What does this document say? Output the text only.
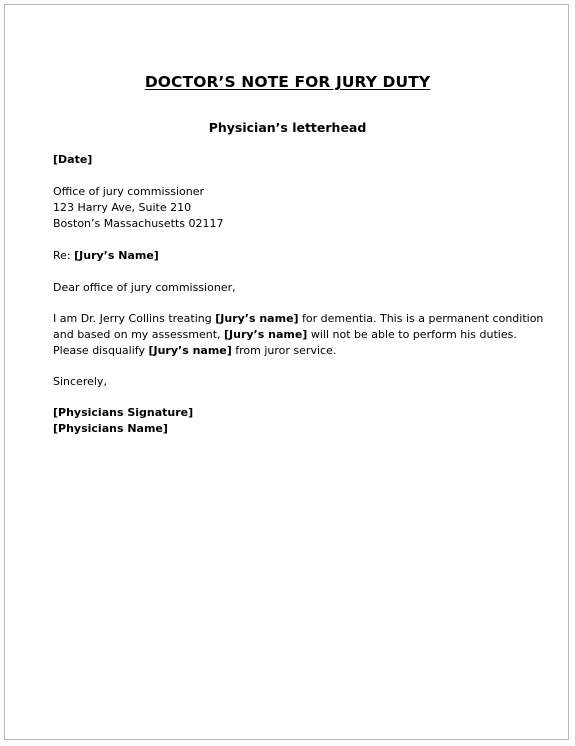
DOCTOR’S NOTE FOR JURY DUTY
Physician’s letterhead
[Date]
Office of jury commissioner
123 Harry Ave, Suite 210
Boston’s Massachusetts 02117
Re: [Jury’s Name]
Dear office of jury commissioner,
I am Dr. Jerry Collins treating [Jury’s name] for dementia. This is a permanent condition
and based on my assessment, [Jury’s name] will not be able to perform his duties.
Please disqualify [Jury’s name] from juror service.
Sincerely,
[Physicians Signature]
[Physicians Name]
